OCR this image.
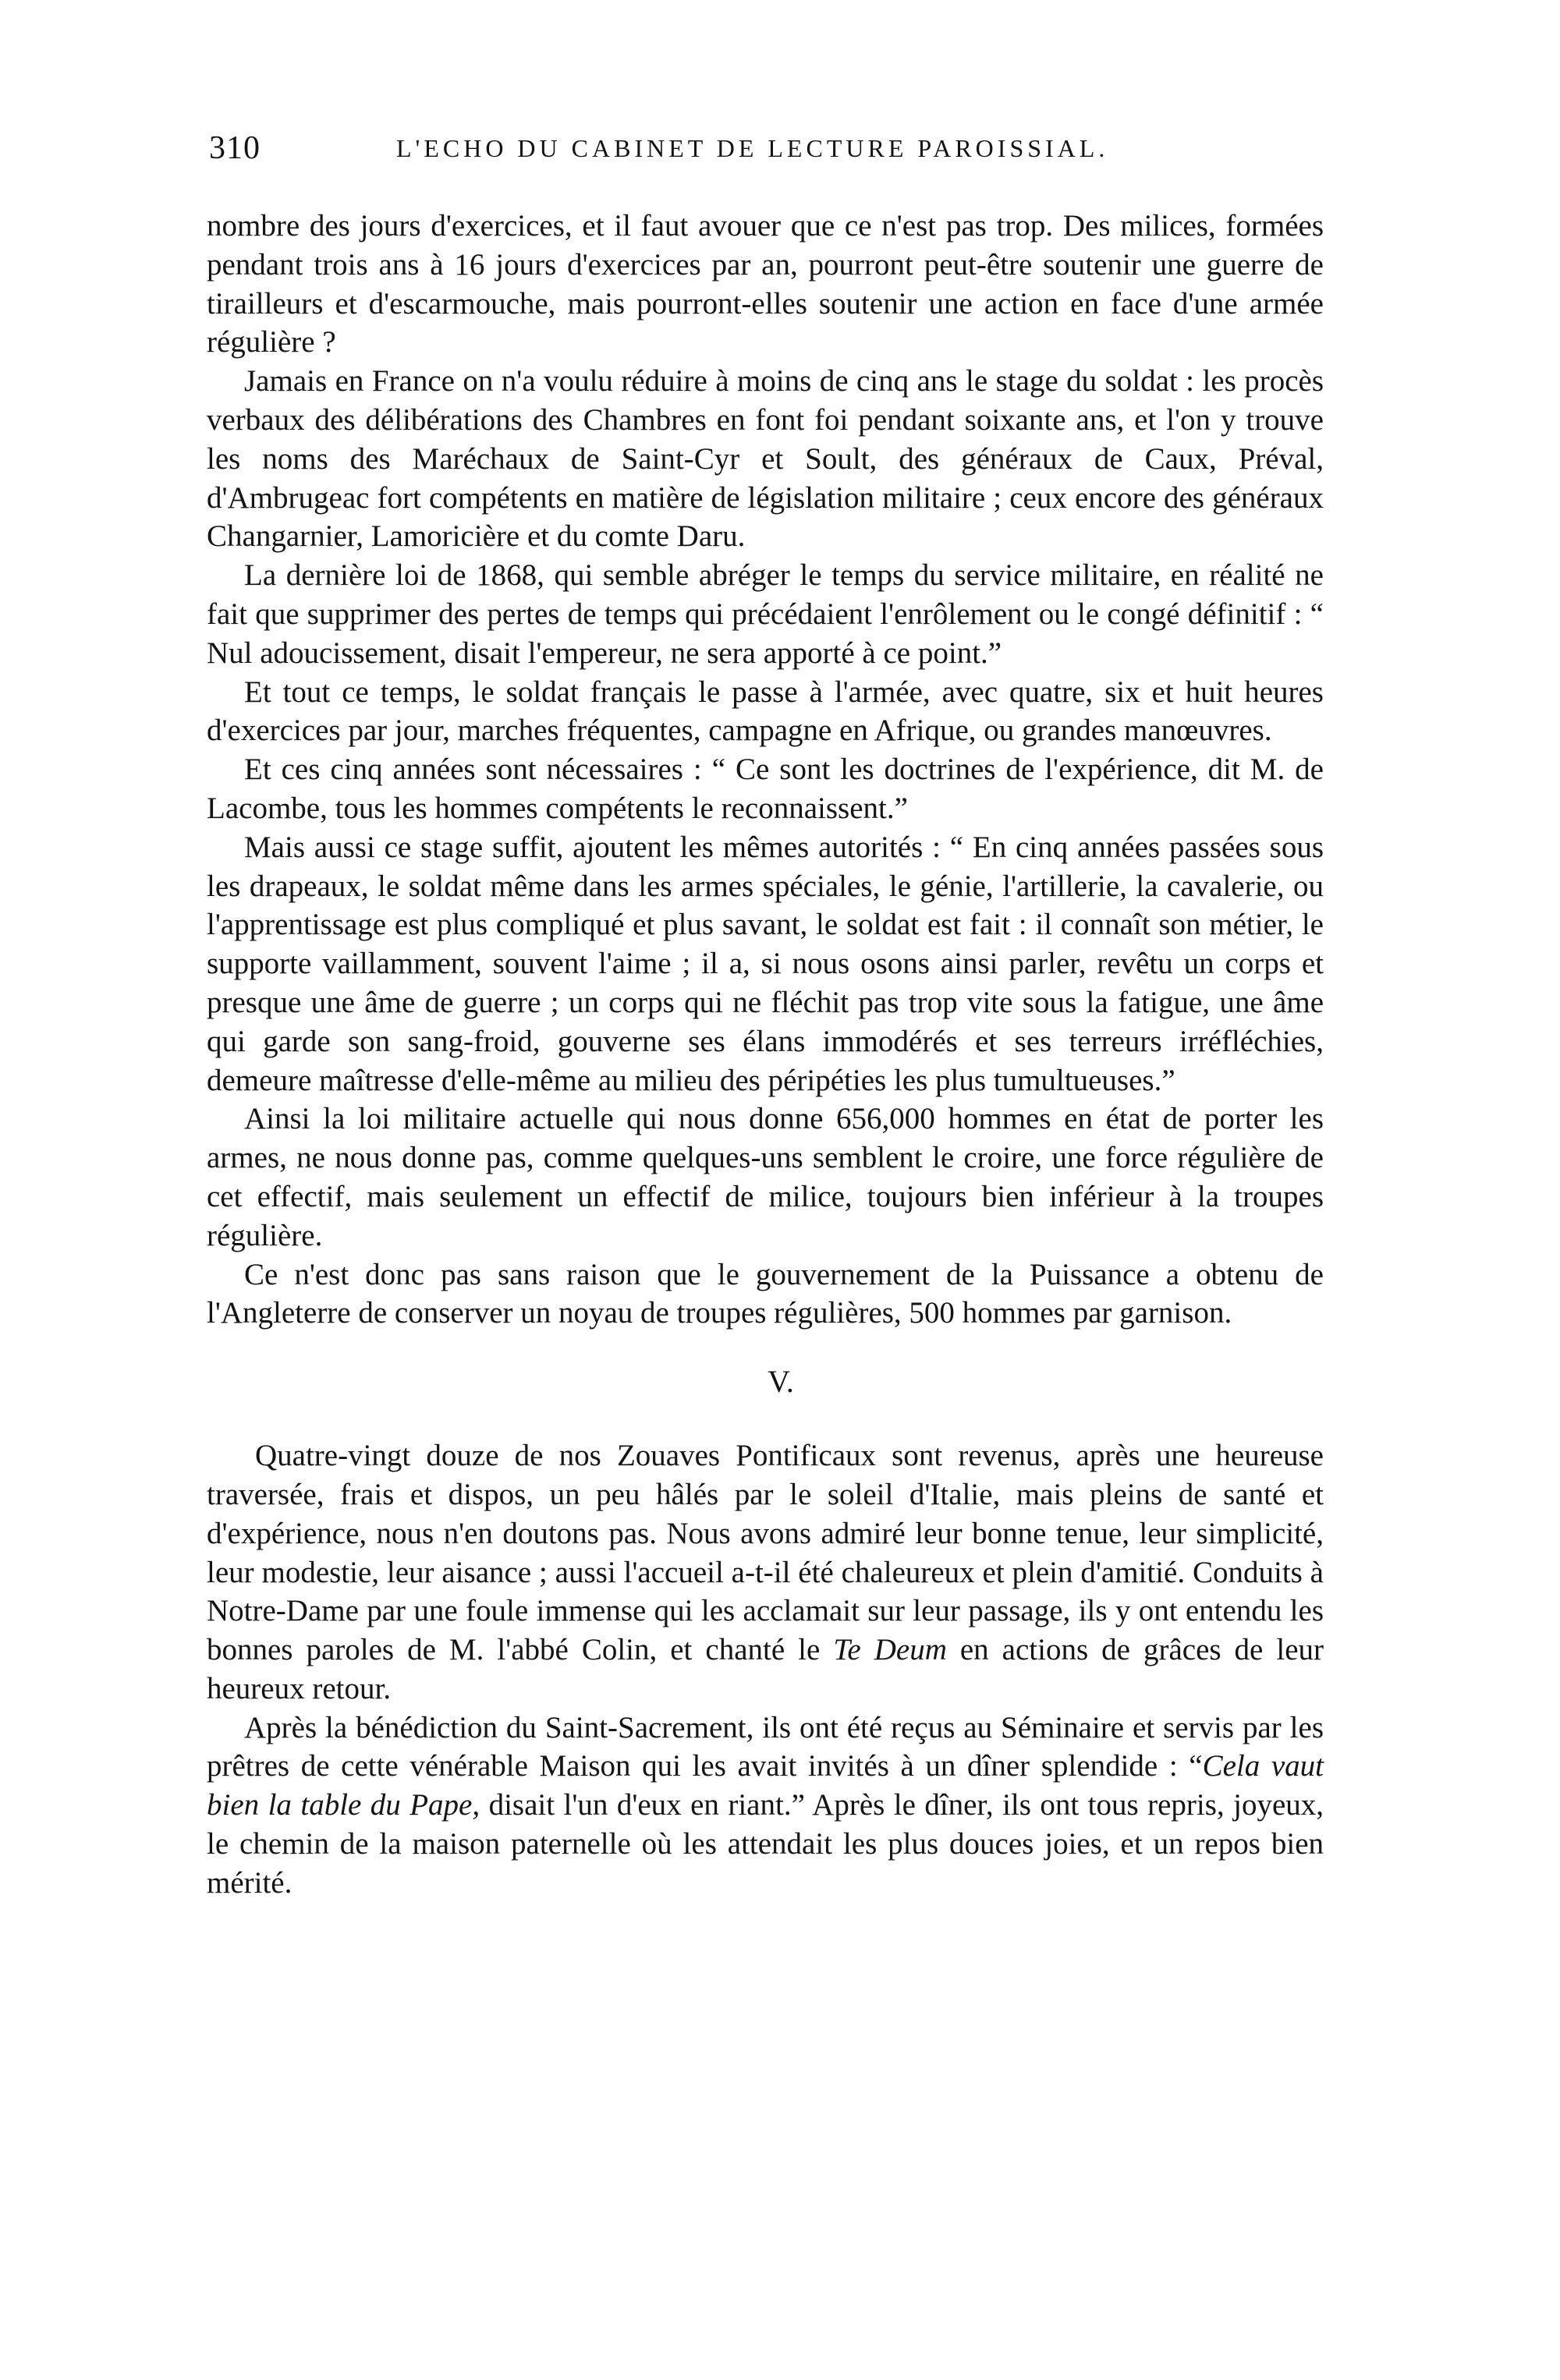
310	L'ECHO DU CABINET DE LECTURE PAROISSIAL.

nombre des jours d'exercices, et il faut avouer que ce n'est pas trop. Des milices, formées pendant trois ans à 16 jours d'exercices par an, pourront peut-être soutenir une guerre de tirailleurs et d'escarmouche, mais pourront-elles soutenir une action en face d'une armée régulière ?

Jamais en France on n'a voulu réduire à moins de cinq ans le stage du soldat : les procès verbaux des délibérations des Chambres en font foi pendant soixante ans, et l'on y trouve les noms des Maréchaux de Saint-Cyr et Soult, des généraux de Caux, Préval, d'Ambrugeac fort compétents en matière de législation militaire ; ceux encore des généraux Changarnier, Lamoricière et du comte Daru.

La dernière loi de 1868, qui semble abréger le temps du service militaire, en réalité ne fait que supprimer des pertes de temps qui précédaient l'enrôlement ou le congé définitif : “ Nul adoucissement, disait l'empereur, ne sera apporté à ce point.”

Et tout ce temps, le soldat français le passe à l'armée, avec quatre, six et huit heures d'exercices par jour, marches fréquentes, campagne en Afrique, ou grandes manœuvres.

Et ces cinq années sont nécessaires : “ Ce sont les doctrines de l'expérience, dit M. de Lacombe, tous les hommes compétents le reconnaissent.”

Mais aussi ce stage suffit, ajoutent les mêmes autorités : “ En cinq années passées sous les drapeaux, le soldat même dans les armes spéciales, le génie, l'artillerie, la cavalerie, ou l'apprentissage est plus compliqué et plus savant, le soldat est fait : il connaît son métier, le supporte vaillamment, souvent l'aime ; il a, si nous osons ainsi parler, revêtu un corps et presque une âme de guerre ; un corps qui ne fléchit pas trop vite sous la fatigue, une âme qui garde son sang-froid, gouverne ses élans immodérés et ses terreurs irréfléchies, demeure maîtresse d'elle-même au milieu des péripéties les plus tumultueuses.”

Ainsi la loi militaire actuelle qui nous donne 656,000 hommes en état de porter les armes, ne nous donne pas, comme quelques-uns semblent le croire, une force régulière de cet effectif, mais seulement un effectif de milice, toujours bien inférieur à la troupes régulière.

Ce n'est donc pas sans raison que le gouvernement de la Puissance a obtenu de l'Angleterre de conserver un noyau de troupes régulières, 500 hommes par garnison.

V.

Quatre-vingt douze de nos Zouaves Pontificaux sont revenus, après une heureuse traversée, frais et dispos, un peu hâlés par le soleil d'Italie, mais pleins de santé et d'expérience, nous n'en doutons pas. Nous avons admiré leur bonne tenue, leur simplicité, leur modestie, leur aisance ; aussi l'accueil a-t-il été chaleureux et plein d'amitié. Conduits à Notre-Dame par une foule immense qui les acclamait sur leur passage, ils y ont entendu les bonnes paroles de M. l'abbé Colin, et chanté le Te Deum en actions de grâces de leur heureux retour.

Après la bénédiction du Saint-Sacrement, ils ont été reçus au Séminaire et servis par les prêtres de cette vénérable Maison qui les avait invités à un dîner splendide : “Cela vaut bien la table du Pape, disait l'un d'eux en riant.” Après le dîner, ils ont tous repris, joyeux, le chemin de la maison paternelle où les attendait les plus douces joies, et un repos bien mérité.
